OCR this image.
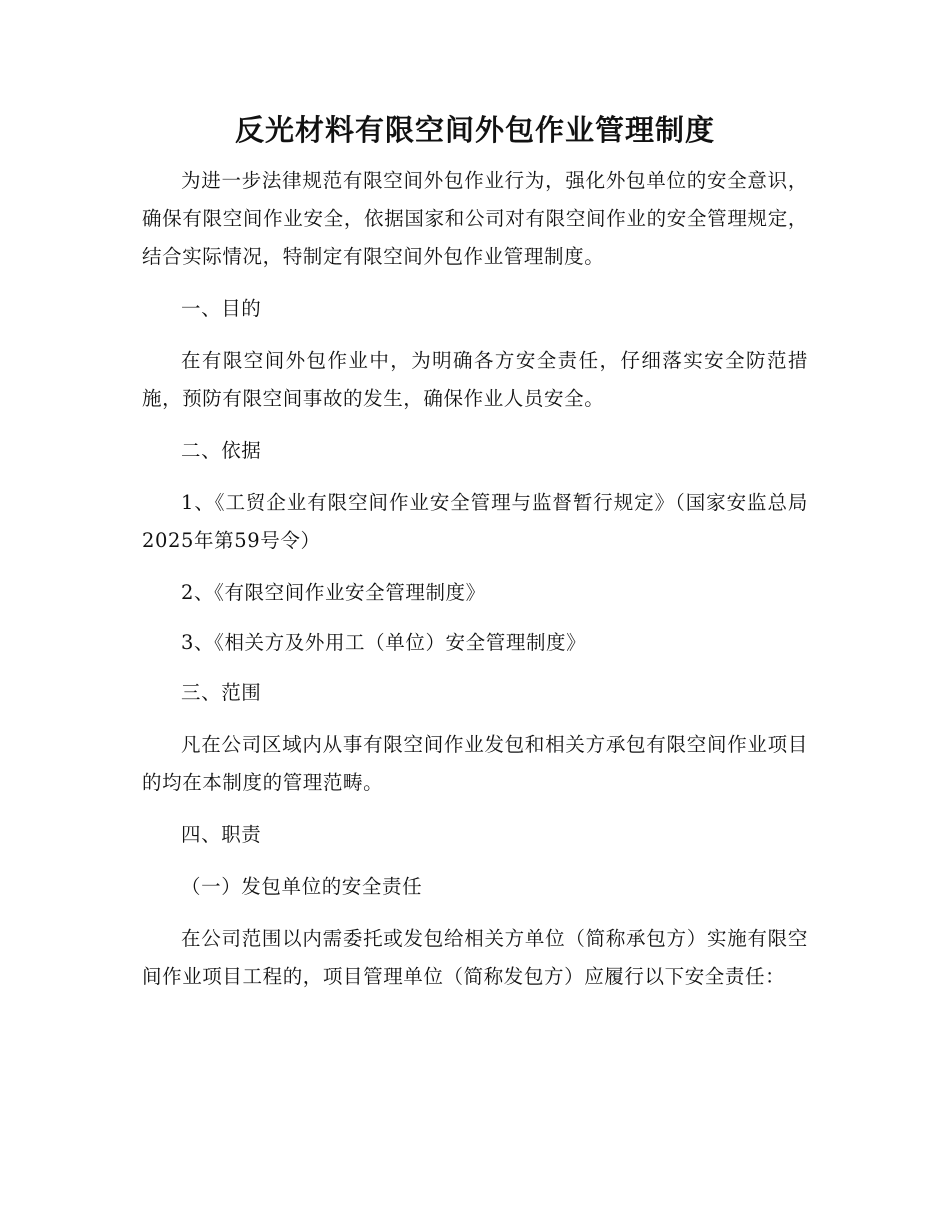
反光材料有限空间外包作业管理制度

为进一步法律规范有限空间外包作业行为，强化外包单位的安全意识，确保有限空间作业安全，依据国家和公司对有限空间作业的安全管理规定，结合实际情况，特制定有限空间外包作业管理制度。

一、目的

在有限空间外包作业中，为明确各方安全责任，仔细落实安全防范措施，预防有限空间事故的发生，确保作业人员安全。

二、依据

1、《工贸企业有限空间作业安全管理与监督暂行规定》（国家安监总局2025年第59号令）

2、《有限空间作业安全管理制度》

3、《相关方及外用工（单位）安全管理制度》

三、范围

凡在公司区域内从事有限空间作业发包和相关方承包有限空间作业项目的均在本制度的管理范畴。

四、职责

（一）发包单位的安全责任

在公司范围以内需委托或发包给相关方单位（简称承包方）实施有限空间作业项目工程的，项目管理单位（简称发包方）应履行以下安全责任：
